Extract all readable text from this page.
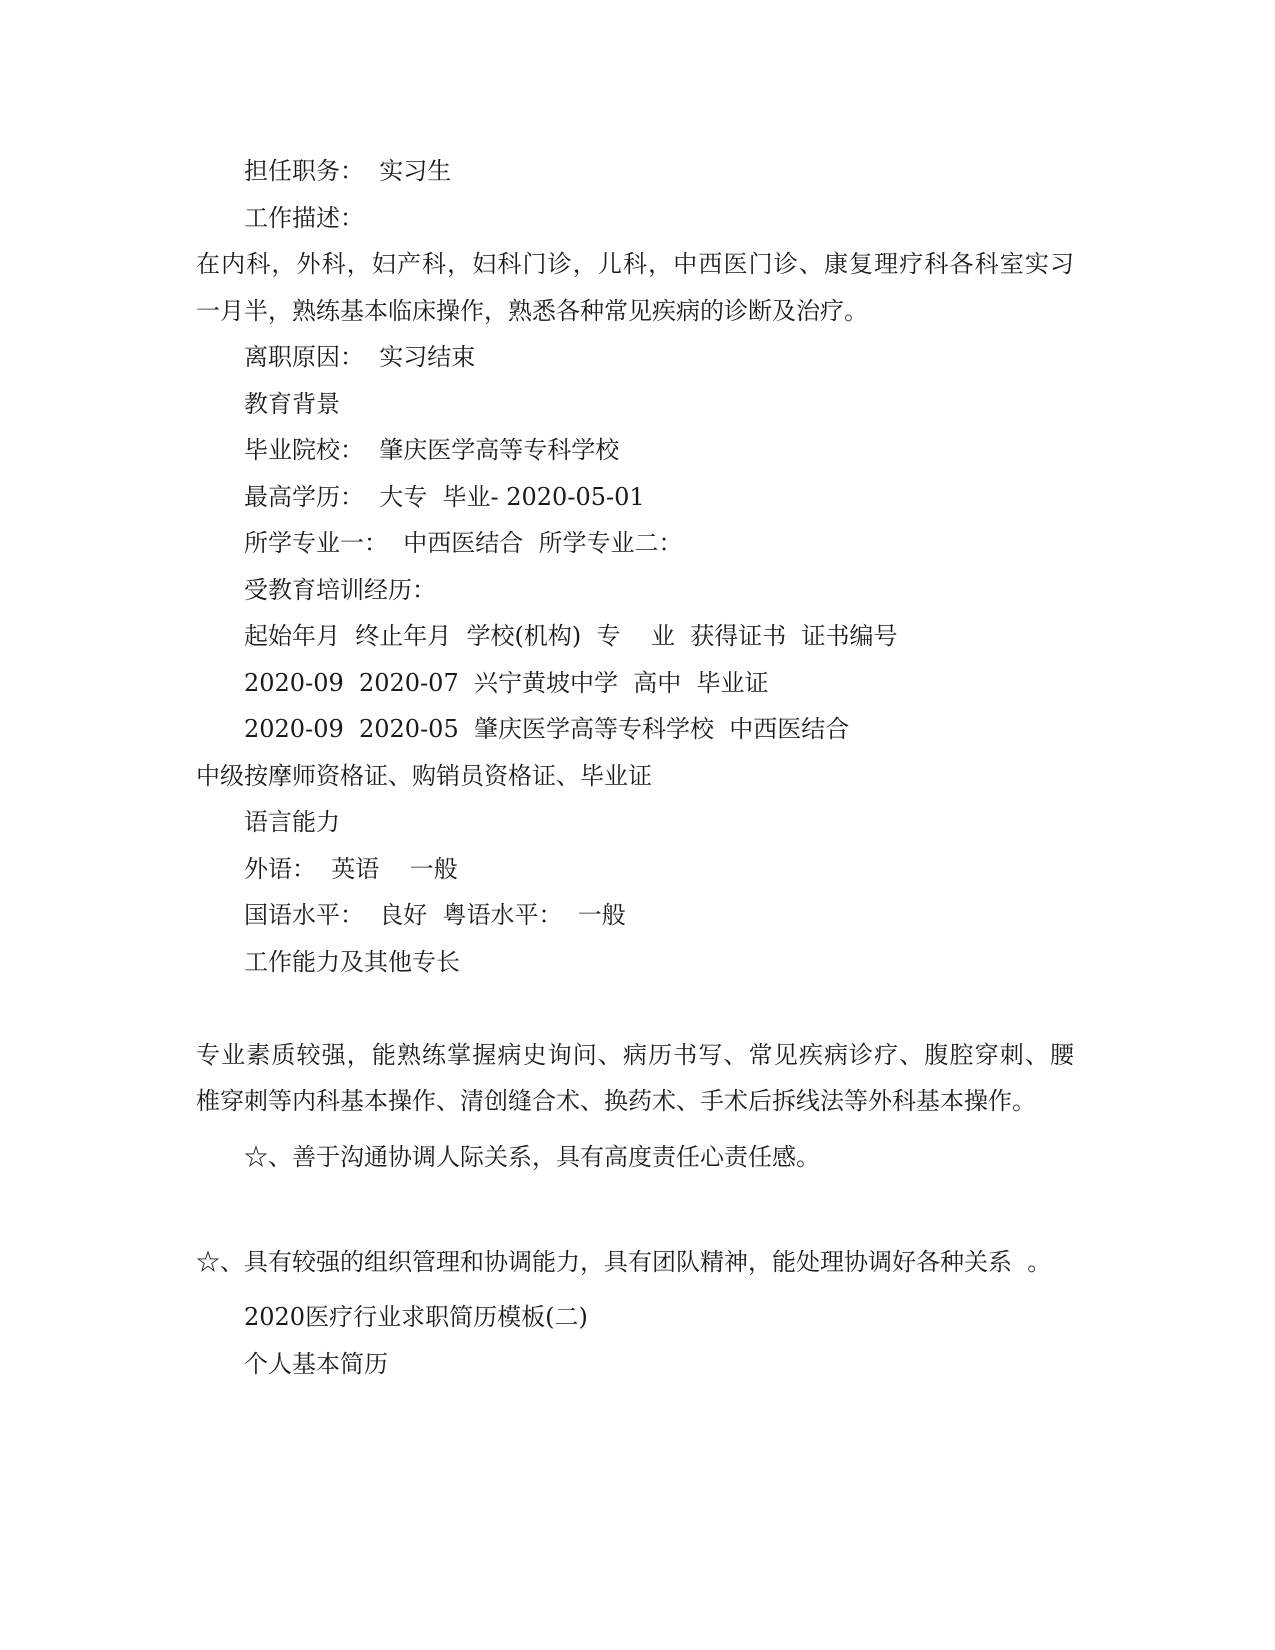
担任职务：  实习生
工作描述：
在内科，外科，妇产科，妇科门诊，儿科，中西医门诊、康复理疗科各科室实习
一月半，熟练基本临床操作，熟悉各种常见疾病的诊断及治疗。
离职原因：  实习结束
教育背景
毕业院校：  肇庆医学高等专科学校
最高学历：  大专  毕业- 2020-05-01
所学专业一：  中西医结合  所学专业二：
受教育培训经历：
起始年月  终止年月  学校(机构)  专    业  获得证书  证书编号
2020-09  2020-07  兴宁黄坡中学  高中  毕业证
2020-09  2020-05  肇庆医学高等专科学校  中西医结合
中级按摩师资格证、购销员资格证、毕业证
语言能力
外语：  英语    一般
国语水平：  良好  粤语水平：  一般
工作能力及其他专长
专业素质较强，能熟练掌握病史询问、病历书写、常见疾病诊疗、腹腔穿刺、腰
椎穿刺等内科基本操作、清创缝合术、换药术、手术后拆线法等外科基本操作。
☆、善于沟通协调人际关系，具有高度责任心责任感。
☆、具有较强的组织管理和协调能力，具有团队精神，能处理协调好各种关系  。
2020医疗行业求职简历模板(二)
个人基本简历
